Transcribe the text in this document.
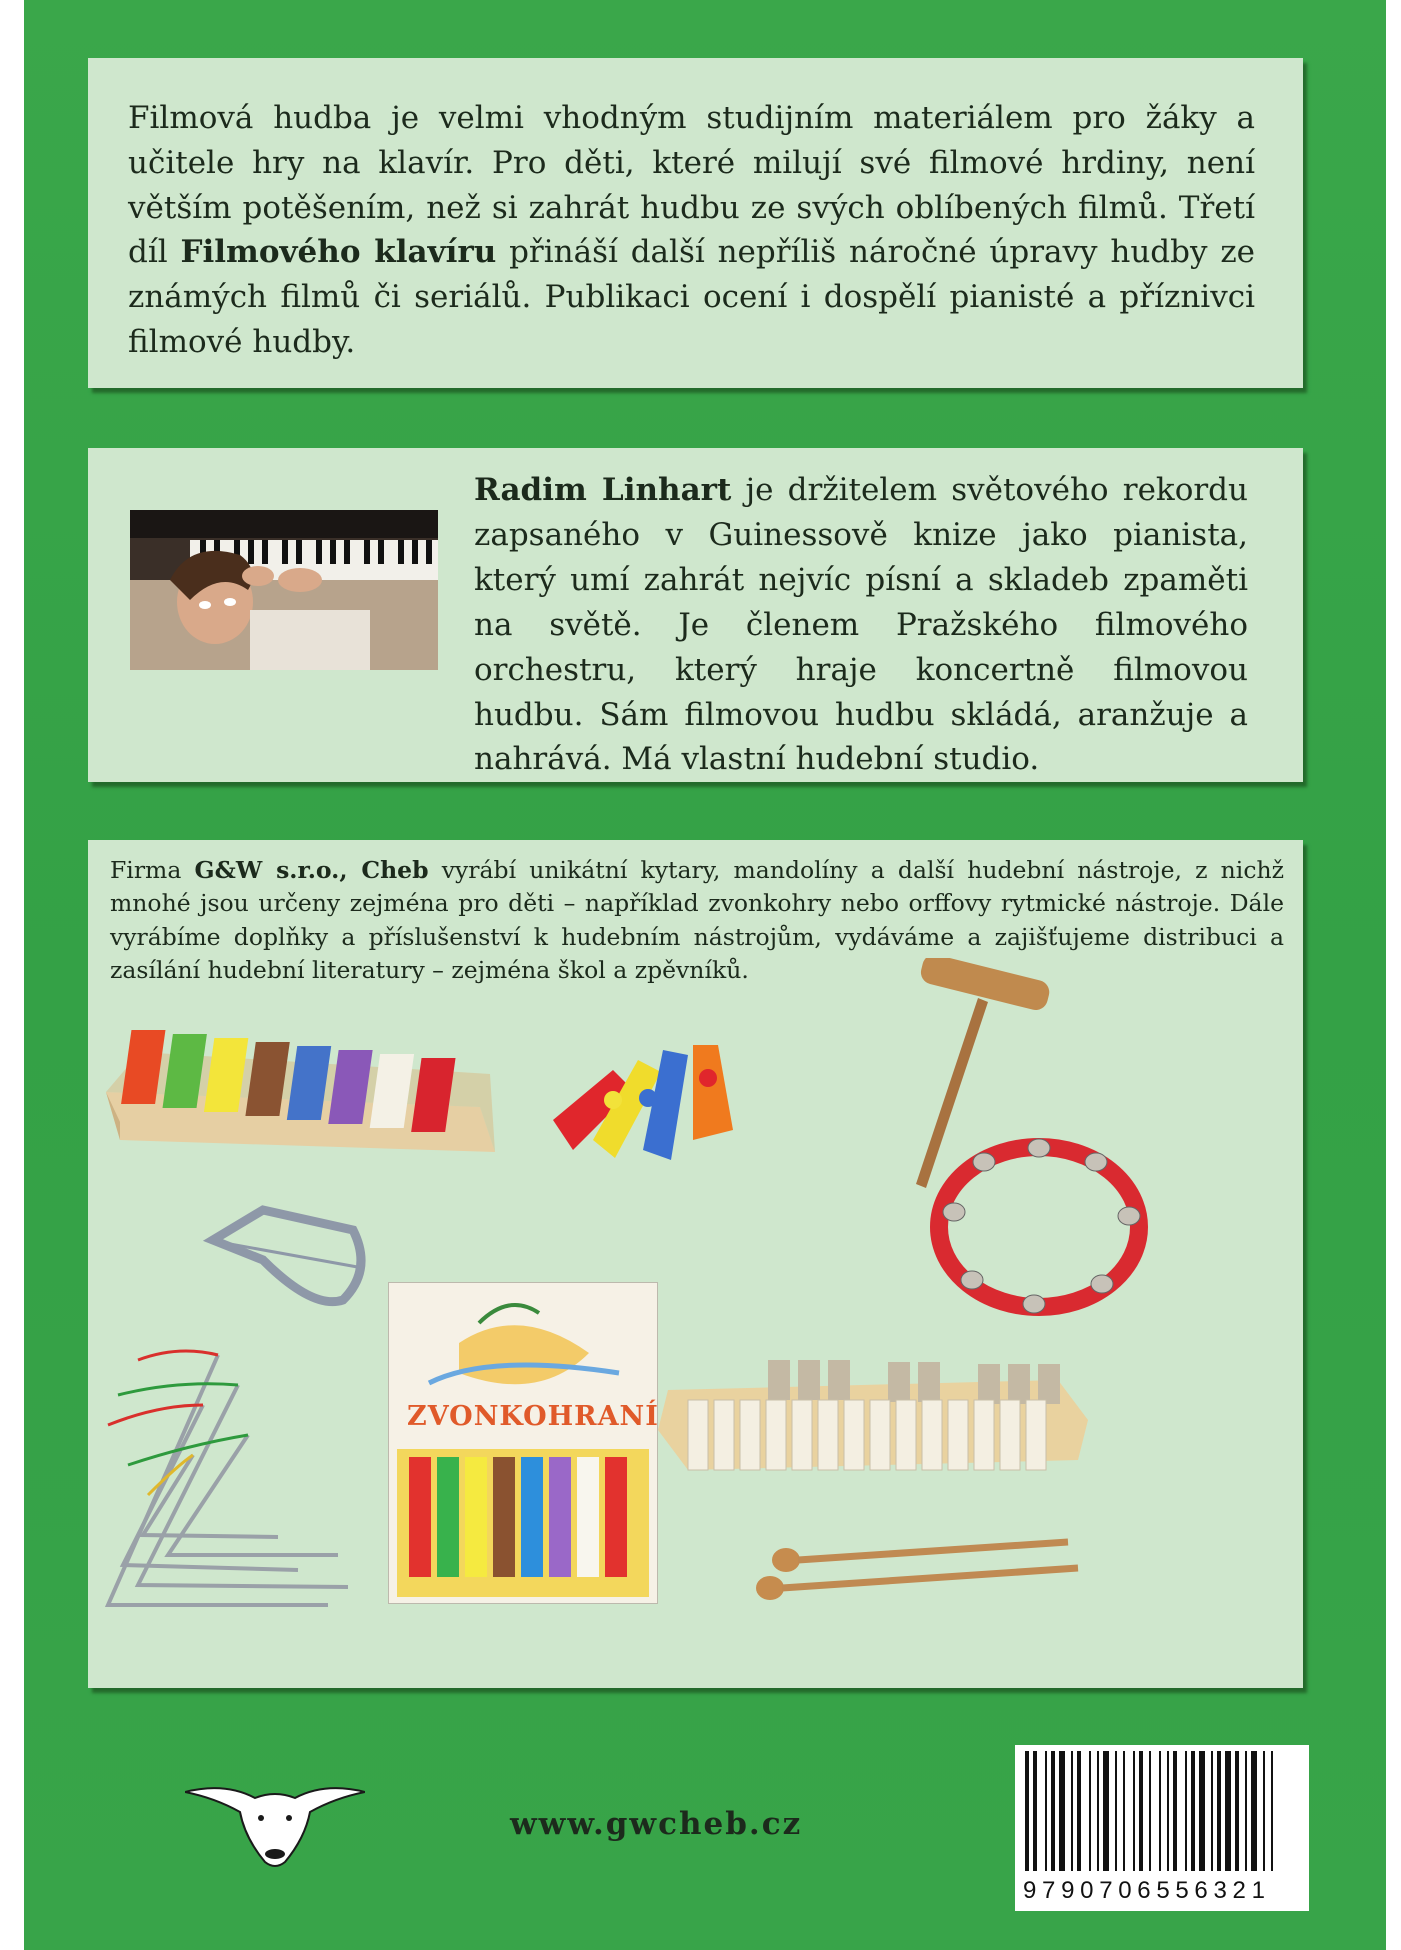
Filmová hudba je velmi vhodným studijním materiálem pro žáky a učitele hry na klavír. Pro děti, které milují své filmové hrdiny, není větším potěšením, než si zahrát hudbu ze svých oblíbených filmů. Třetí díl Filmového klavíru přináší další nepříliš náročné úpravy hudby ze známých filmů či seriálů. Publikaci ocení i dospělí pianisté a příznivci filmové hudby.

Radim Linhart je držitelem světového rekordu zapsaného v Guinessově knize jako pianista, který umí zahrát nejvíc písní a skladeb zpaměti na světě. Je členem Pražského filmového orchestru, který hraje koncertně filmovou hudbu. Sám filmovou hudbu skládá, aranžuje a nahrává. Má vlastní hudební studio.

Firma G&W s.r.o., Cheb vyrábí unikátní kytary, mandolíny a další hudební nástroje, z nichž mnohé jsou určeny zejména pro děti – například zvonkohry nebo orffovy rytmické nástroje. Dále vyrábíme doplňky a příslušenství k hudebním nástrojům, vydáváme a zajišťujeme distribuci a zasílání hudební literatury – zejména škol a zpěvníků.

ZVONKOHRANÍ
www.gwcheb.cz
9790706556321
